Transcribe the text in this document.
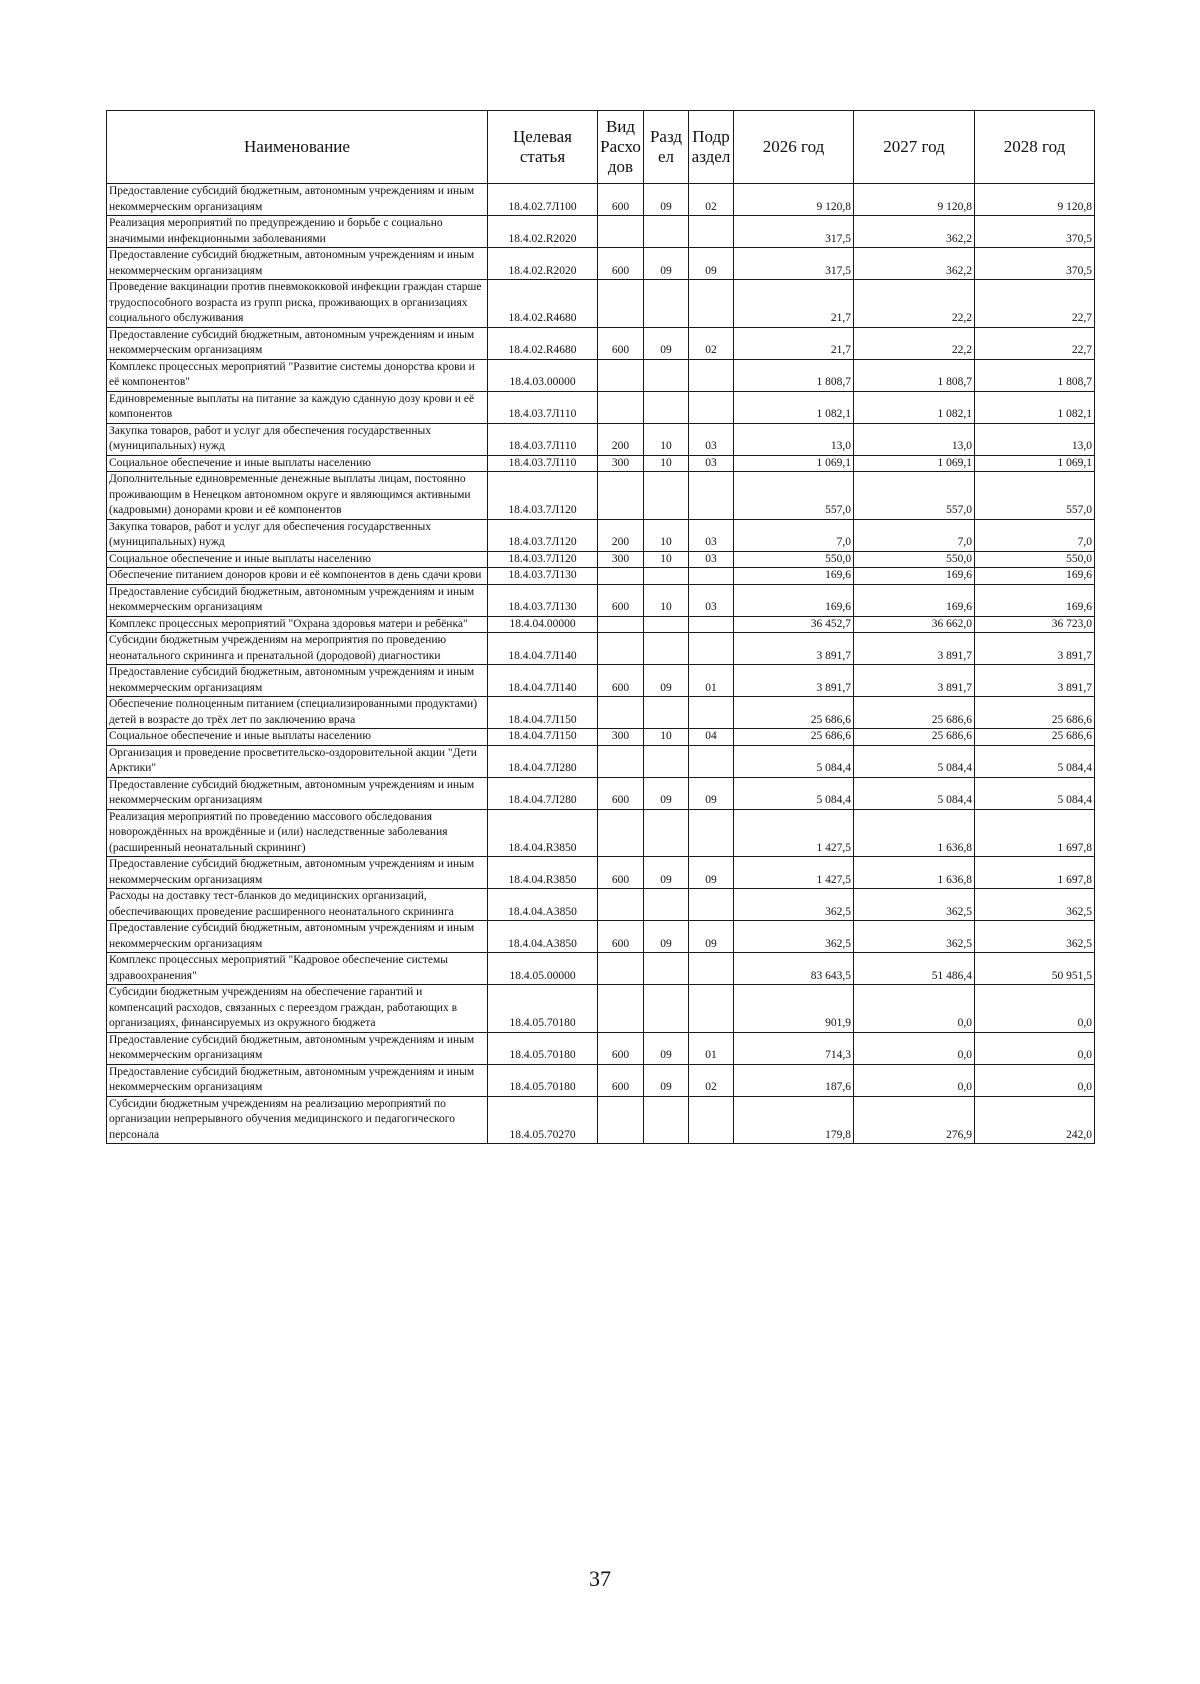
Наименование	Целевая статья	Вид Расхо дов	Разд ел	Подр аздел	2026 год	2027 год	2028 год
Предоставление субсидий бюджетным, автономным учреждениям и иным некоммерческим организациям	18.4.02.7Л100	600	09	02	9 120,8	9 120,8	9 120,8
Реализация мероприятий по предупреждению и борьбе с социально значимыми инфекционными заболеваниями	18.4.02.R2020				317,5	362,2	370,5
Предоставление субсидий бюджетным, автономным учреждениям и иным некоммерческим организациям	18.4.02.R2020	600	09	09	317,5	362,2	370,5
Проведение вакцинации против пневмококковой инфекции граждан старше трудоспособного возраста из групп риска, проживающих в организациях социального обслуживания	18.4.02.R4680				21,7	22,2	22,7
Предоставление субсидий бюджетным, автономным учреждениям и иным некоммерческим организациям	18.4.02.R4680	600	09	02	21,7	22,2	22,7
Комплекс процессных мероприятий "Развитие системы донорства крови и её компонентов"	18.4.03.00000				1 808,7	1 808,7	1 808,7
Единовременные выплаты на питание за каждую сданную дозу крови и её компонентов	18.4.03.7Л110				1 082,1	1 082,1	1 082,1
Закупка товаров, работ и услуг для обеспечения государственных (муниципальных) нужд	18.4.03.7Л110	200	10	03	13,0	13,0	13,0
Социальное обеспечение и иные выплаты населению	18.4.03.7Л110	300	10	03	1 069,1	1 069,1	1 069,1
Дополнительные единовременные денежные выплаты лицам, постоянно проживающим в Ненецком автономном округе и являющимся активными (кадровыми) донорами крови и её компонентов	18.4.03.7Л120				557,0	557,0	557,0
Закупка товаров, работ и услуг для обеспечения государственных (муниципальных) нужд	18.4.03.7Л120	200	10	03	7,0	7,0	7,0
Социальное обеспечение и иные выплаты населению	18.4.03.7Л120	300	10	03	550,0	550,0	550,0
Обеспечение питанием доноров крови и её компонентов в день сдачи крови	18.4.03.7Л130				169,6	169,6	169,6
Предоставление субсидий бюджетным, автономным учреждениям и иным некоммерческим организациям	18.4.03.7Л130	600	10	03	169,6	169,6	169,6
Комплекс процессных мероприятий "Охрана здоровья матери и ребёнка"	18.4.04.00000				36 452,7	36 662,0	36 723,0
Субсидии бюджетным учреждениям на мероприятия по проведению неонатального скрининга и пренатальной (дородовой) диагностики	18.4.04.7Л140				3 891,7	3 891,7	3 891,7
Предоставление субсидий бюджетным, автономным учреждениям и иным некоммерческим организациям	18.4.04.7Л140	600	09	01	3 891,7	3 891,7	3 891,7
Обеспечение полноценным питанием (специализированными продуктами) детей в возрасте до трёх лет по заключению врача	18.4.04.7Л150				25 686,6	25 686,6	25 686,6
Социальное обеспечение и иные выплаты населению	18.4.04.7Л150	300	10	04	25 686,6	25 686,6	25 686,6
Организация и проведение просветительско-оздоровительной акции "Дети Арктики"	18.4.04.7Л280				5 084,4	5 084,4	5 084,4
Предоставление субсидий бюджетным, автономным учреждениям и иным некоммерческим организациям	18.4.04.7Л280	600	09	09	5 084,4	5 084,4	5 084,4
Реализация мероприятий по проведению массового обследования новорождённых на врождённые и (или) наследственные заболевания (расширенный неонатальный скрининг)	18.4.04.R3850				1 427,5	1 636,8	1 697,8
Предоставление субсидий бюджетным, автономным учреждениям и иным некоммерческим организациям	18.4.04.R3850	600	09	09	1 427,5	1 636,8	1 697,8
Расходы на доставку тест-бланков до медицинских организаций, обеспечивающих проведение расширенного неонатального скрининга	18.4.04.A3850				362,5	362,5	362,5
Предоставление субсидий бюджетным, автономным учреждениям и иным некоммерческим организациям	18.4.04.A3850	600	09	09	362,5	362,5	362,5
Комплекс процессных мероприятий "Кадровое обеспечение системы здравоохранения"	18.4.05.00000				83 643,5	51 486,4	50 951,5
Субсидии бюджетным учреждениям на обеспечение гарантий и компенсаций расходов, связанных с переездом граждан, работающих в организациях, финансируемых из окружного бюджета	18.4.05.70180				901,9	0,0	0,0
Предоставление субсидий бюджетным, автономным учреждениям и иным некоммерческим организациям	18.4.05.70180	600	09	01	714,3	0,0	0,0
Предоставление субсидий бюджетным, автономным учреждениям и иным некоммерческим организациям	18.4.05.70180	600	09	02	187,6	0,0	0,0
Субсидии бюджетным учреждениям на реализацию мероприятий по организации непрерывного обучения медицинского и педагогического персонала	18.4.05.70270				179,8	276,9	242,0
37
